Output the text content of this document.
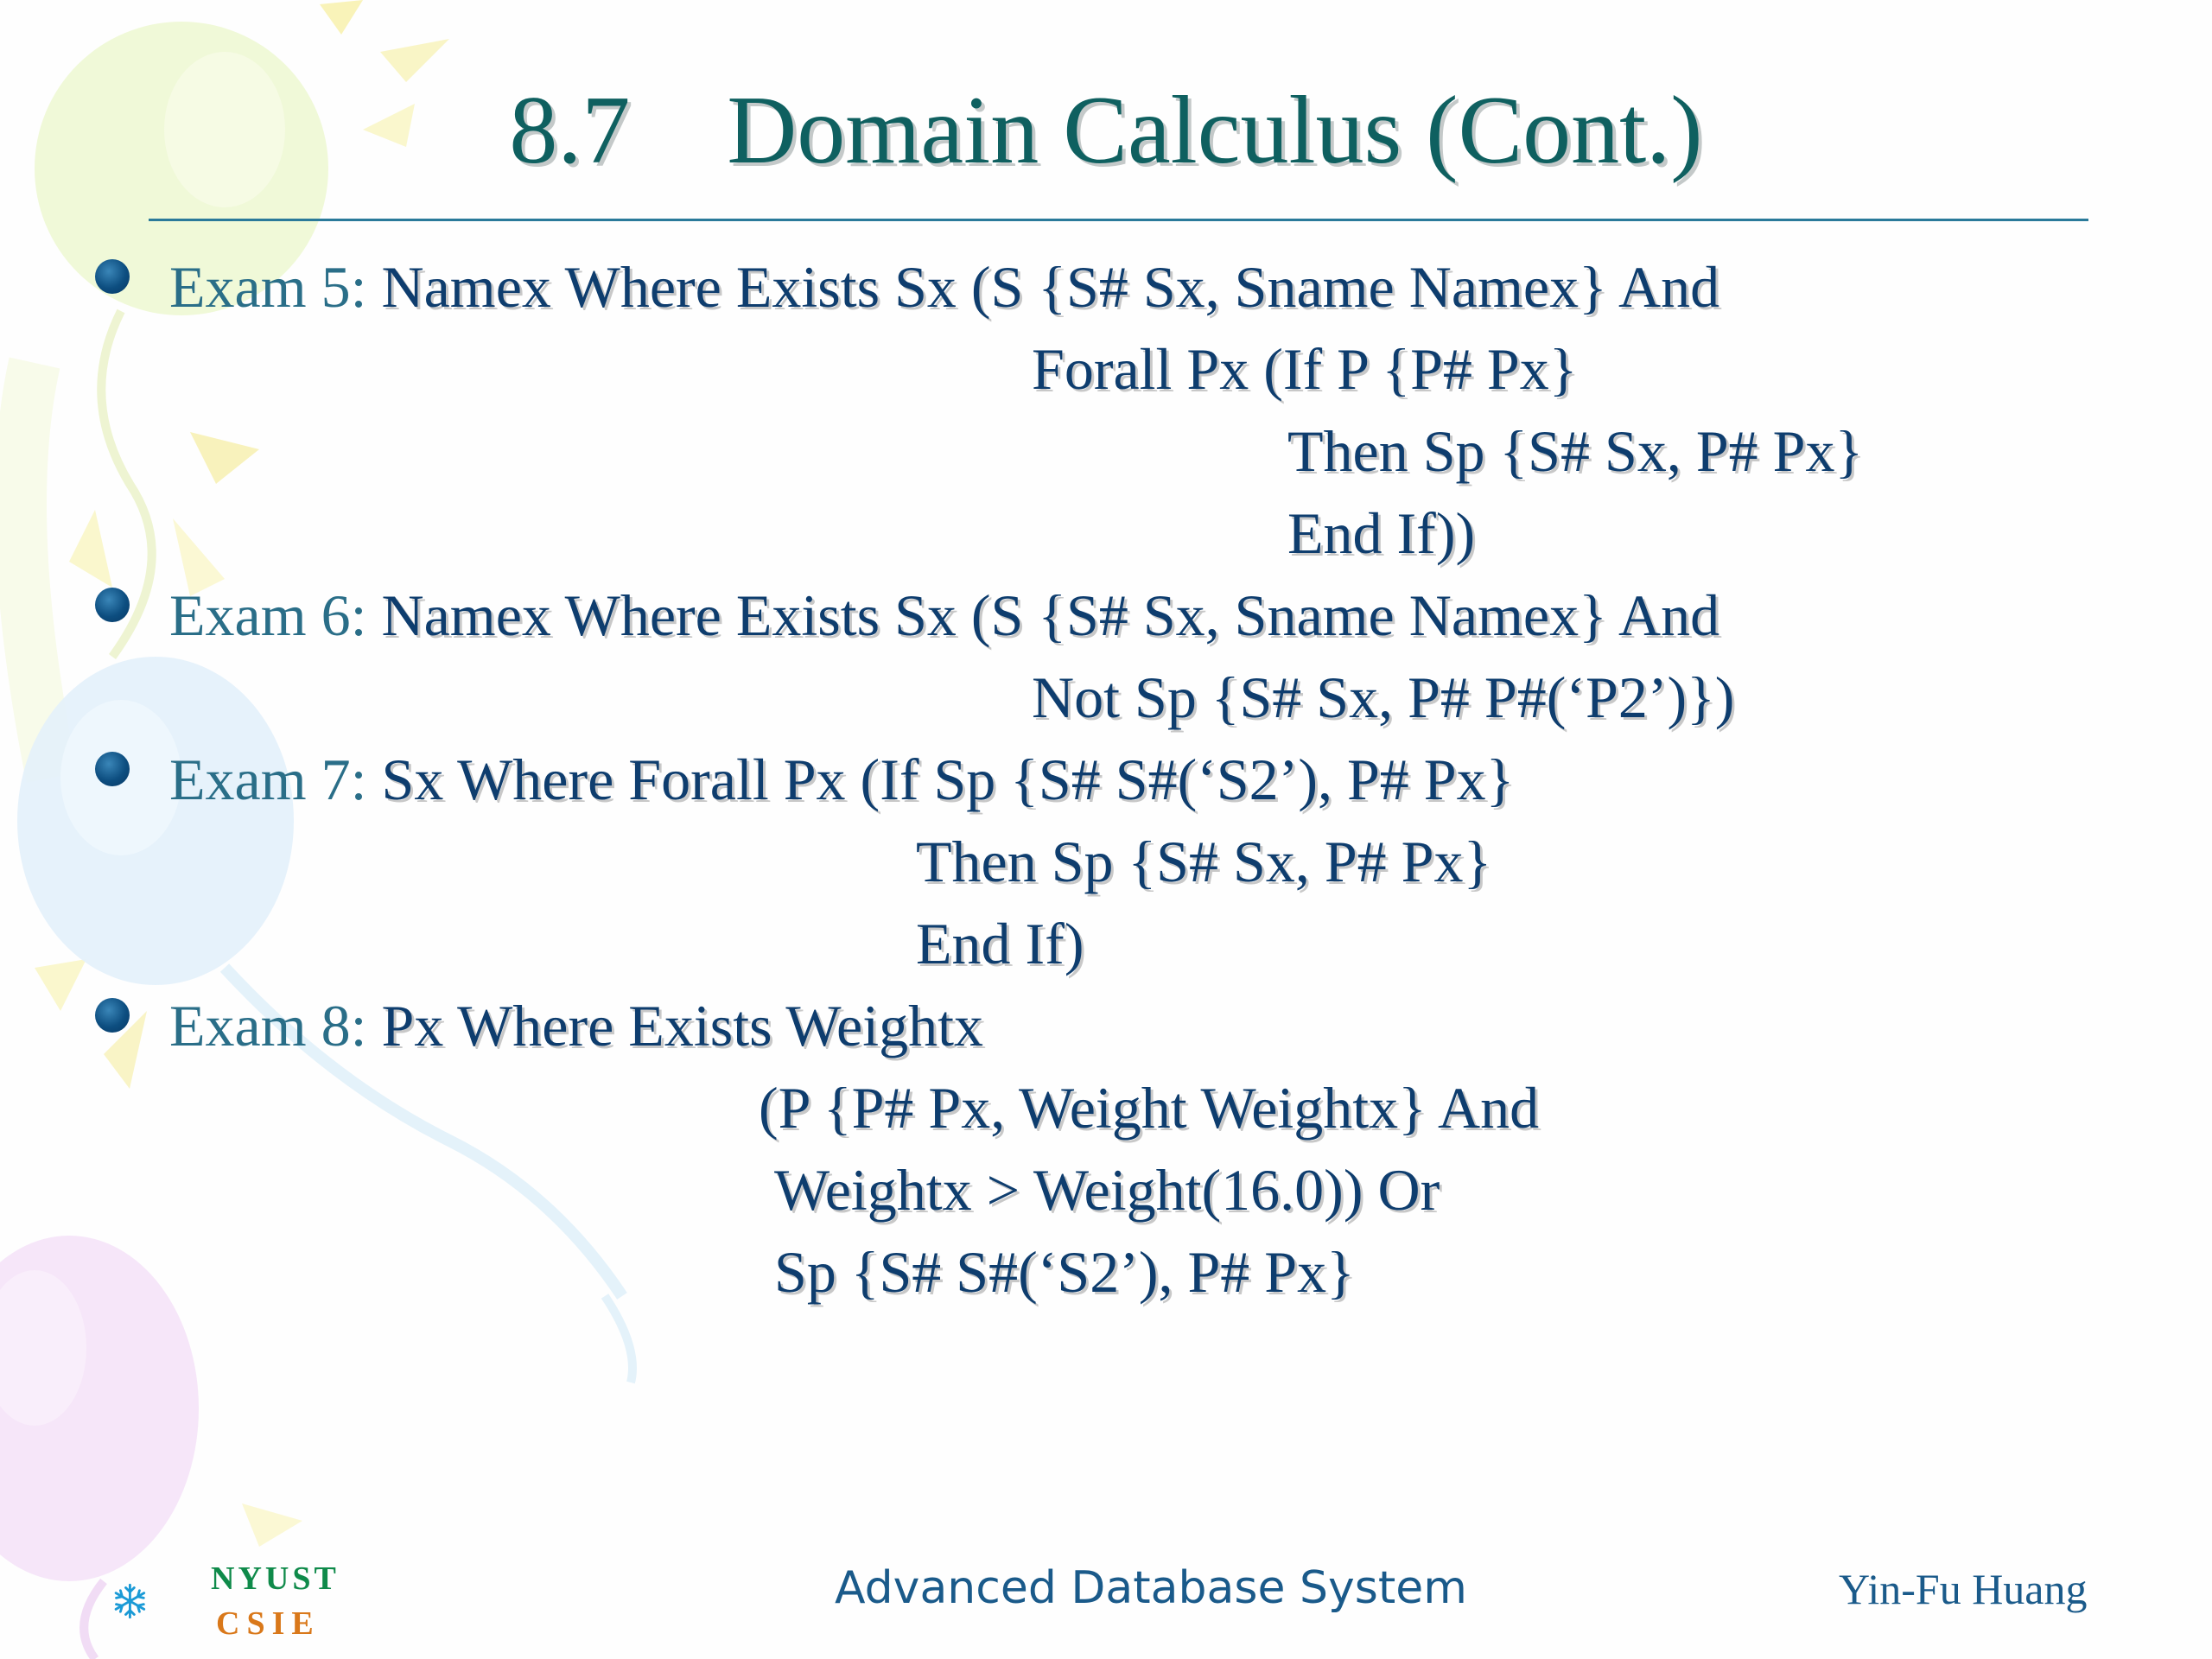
8.7    Domain Calculus (Cont.)
Exam 5: Namex Where Exists Sx (S {S# Sx, Sname Namex} And
Forall Px (If P {P# Px}
Then Sp {S# Sx, P# Px}
End If))
Exam 6: Namex Where Exists Sx (S {S# Sx, Sname Namex} And
Not Sp {S# Sx, P# P#(‘P2’)})
Exam 7: Sx Where Forall Px (If Sp {S# S#(‘S2’), P# Px}
Then Sp {S# Sx, P# Px}
End If)
Exam 8: Px Where Exists Weightx
(P {P# Px, Weight Weightx} And
Weightx > Weight(16.0)) Or
Sp {S# S#(‘S2’), P# Px}
NYUST
CSIE
Advanced Database System	Yin-Fu Huang
